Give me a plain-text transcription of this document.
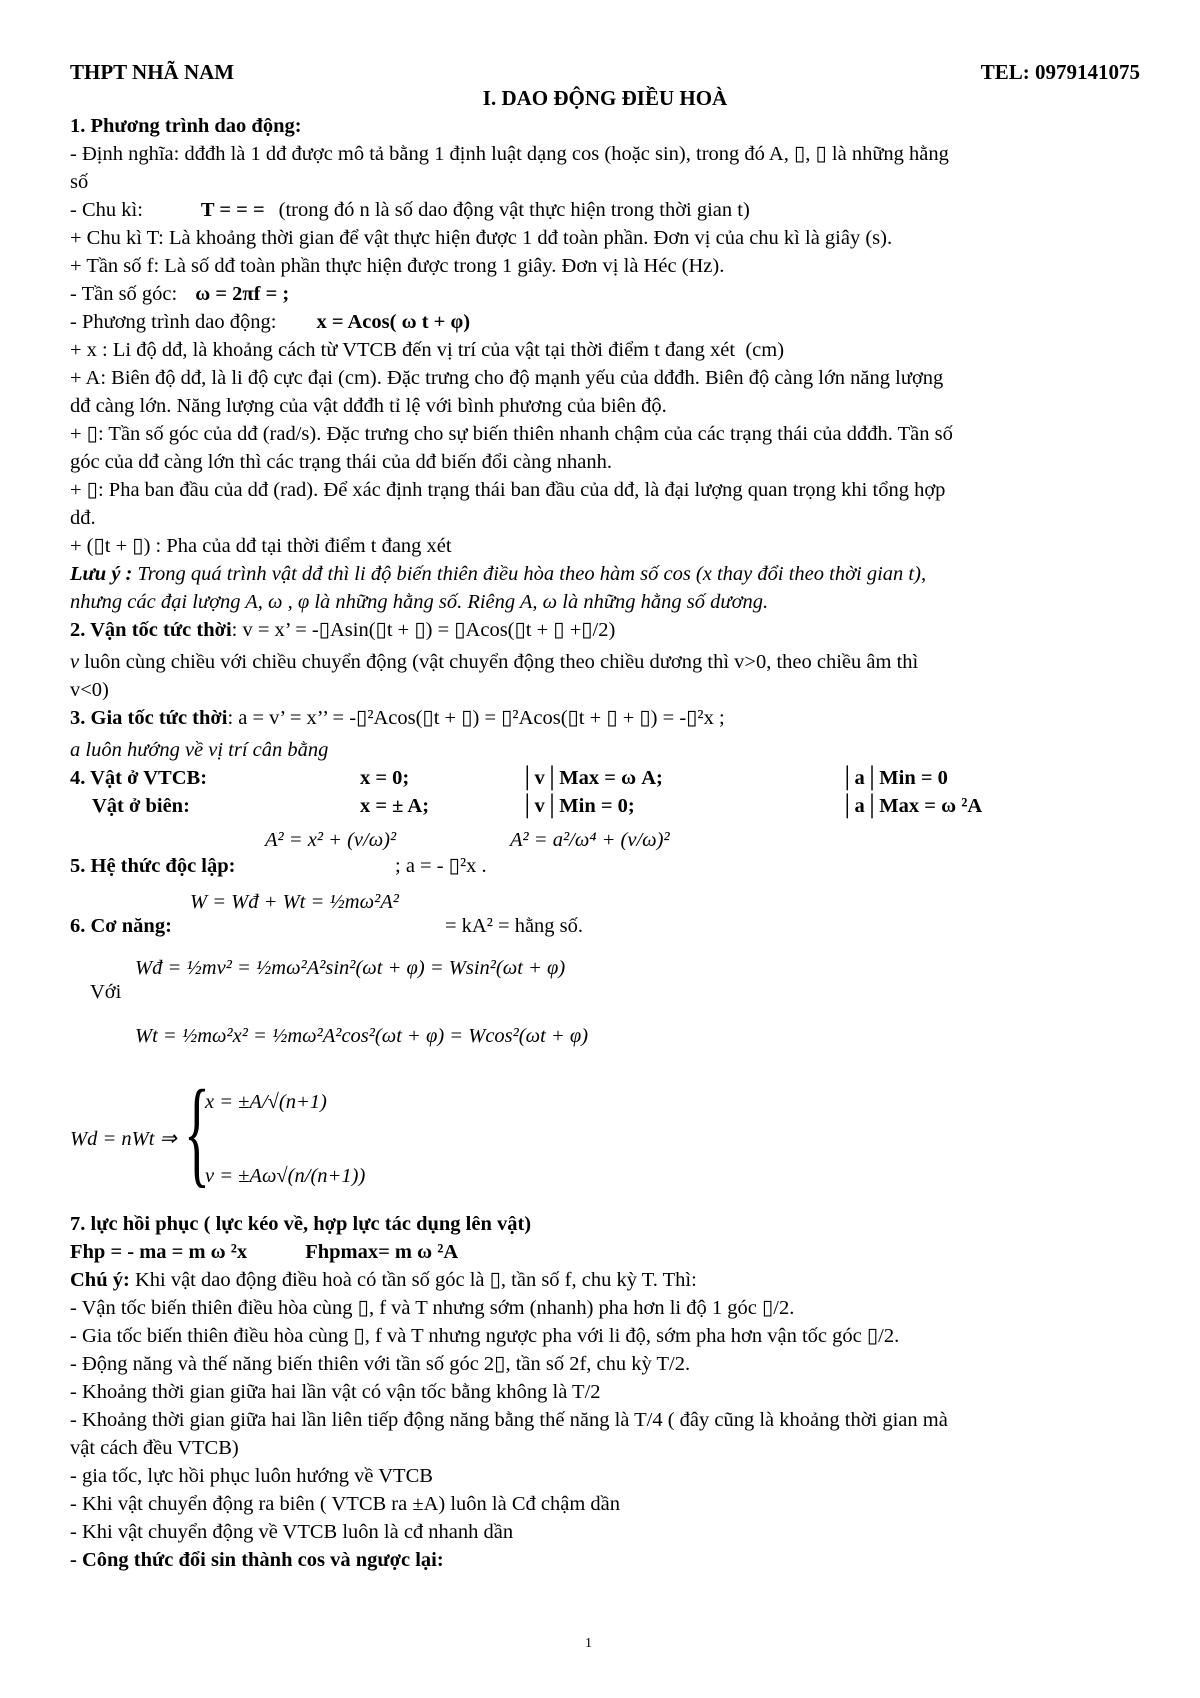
THPT NHÃ NAM	TEL: 0979141075
I. DAO ĐỘNG ĐIỀU HOÀ
1. Phương trình dao động:
- Định nghĩa: dđđh là 1 dđ được mô tả bằng 1 định luật dạng cos (hoặc sin), trong đó A, ▯, ▯ là những hằng
số
- Chu kì:	T = = = (trong đó n là số dao động vật thực hiện trong thời gian t)
+ Chu kì T: Là khoảng thời gian để vật thực hiện được 1 dđ toàn phần. Đơn vị của chu kì là giây (s).
+ Tần số f: Là số dđ toàn phần thực hiện được trong 1 giây. Đơn vị là Héc (Hz).
- Tần số góc: ω = 2πf = ;
- Phương trình dao động: x = Acos( ω t + φ)
+ x : Li độ dđ, là khoảng cách từ VTCB đến vị trí của vật tại thời điểm t đang xét  (cm)
+ A: Biên độ dđ, là li độ cực đại (cm). Đặc trưng cho độ mạnh yếu của dđđh. Biên độ càng lớn năng lượng
dđ càng lớn. Năng lượng của vật dđđh tỉ lệ với bình phương của biên độ.
+ ▯: Tần số góc của dđ (rad/s). Đặc trưng cho sự biến thiên nhanh chậm của các trạng thái của dđđh. Tần số
góc của dđ càng lớn thì các trạng thái của dđ biến đổi càng nhanh.
+ ▯: Pha ban đầu của dđ (rad). Để xác định trạng thái ban đầu của dđ, là đại lượng quan trọng khi tổng hợp
dđ.
+ (▯t + ▯) : Pha của dđ tại thời điểm t đang xét
Lưu ý : Trong quá trình vật dđ thì li độ biến thiên điều hòa theo hàm số cos (x thay đổi theo thời gian t),
nhưng các đại lượng A, ω , φ là những hằng số. Riêng A, ω là những hằng số dương.
2. Vận tốc tức thời: v = x’ = -▯Asin(▯t + ▯) = ▯Acos(▯t + ▯ +▯/2)
v luôn cùng chiều với chiều chuyển động (vật chuyển động theo chiều dương thì v>0, theo chiều âm thì
v<0)
3. Gia tốc tức thời: a = v’ = x’’ = -▯²Acos(▯t + ▯) = ▯²Acos(▯t + ▯ + ▯) = -▯²x ;
a luôn hướng về vị trí cân bằng
4. Vật ở VTCB:	x = 0;	│v│Max = ω A;	│a│Min = 0
Vật ở biên:	x = ± A;	│v│Min = 0;	│a│Max = ω ²A
A² = x² + (v/ω)²	A² = a²/ω⁴ + (v/ω)²
5. Hệ thức độc lập:	; a = - ▯²x .
W = Wđ + Wt = ½mω²A²
6. Cơ năng:	= kA² = hằng số.
Wđ = ½mv² = ½mω²A²sin²(ωt + φ) = Wsin²(ωt + φ)
Với
Wt = ½mω²x² = ½mω²A²cos²(ωt + φ) = Wcos²(ωt + φ)
Wd = nWt ⇒ {
x = ±A/√(n+1)
v = ±Aω√(n/(n+1))
7. lực hồi phục ( lực kéo về, hợp lực tác dụng lên vật)
Fhp = - ma = m ω ²x	Fhpmax= m ω ²A
Chú ý: Khi vật dao động điều hoà có tần số góc là ▯, tần số f, chu kỳ T. Thì:
- Vận tốc biến thiên điều hòa cùng ▯, f và T nhưng sớm (nhanh) pha hơn li độ 1 góc ▯/2.
- Gia tốc biến thiên điều hòa cùng ▯, f và T nhưng ngược pha với li độ, sớm pha hơn vận tốc góc ▯/2.
- Động năng và thế năng biến thiên với tần số góc 2▯, tần số 2f, chu kỳ T/2.
- Khoảng thời gian giữa hai lần vật có vận tốc bằng không là T/2
- Khoảng thời gian giữa hai lần liên tiếp động năng bằng thế năng là T/4 ( đây cũng là khoảng thời gian mà
vật cách đều VTCB)
- gia tốc, lực hồi phục luôn hướng về VTCB
- Khi vật chuyển động ra biên ( VTCB ra ±A) luôn là Cđ chậm dần
- Khi vật chuyển động về VTCB luôn là cđ nhanh dần
- Công thức đổi sin thành cos và ngược lại:
1
